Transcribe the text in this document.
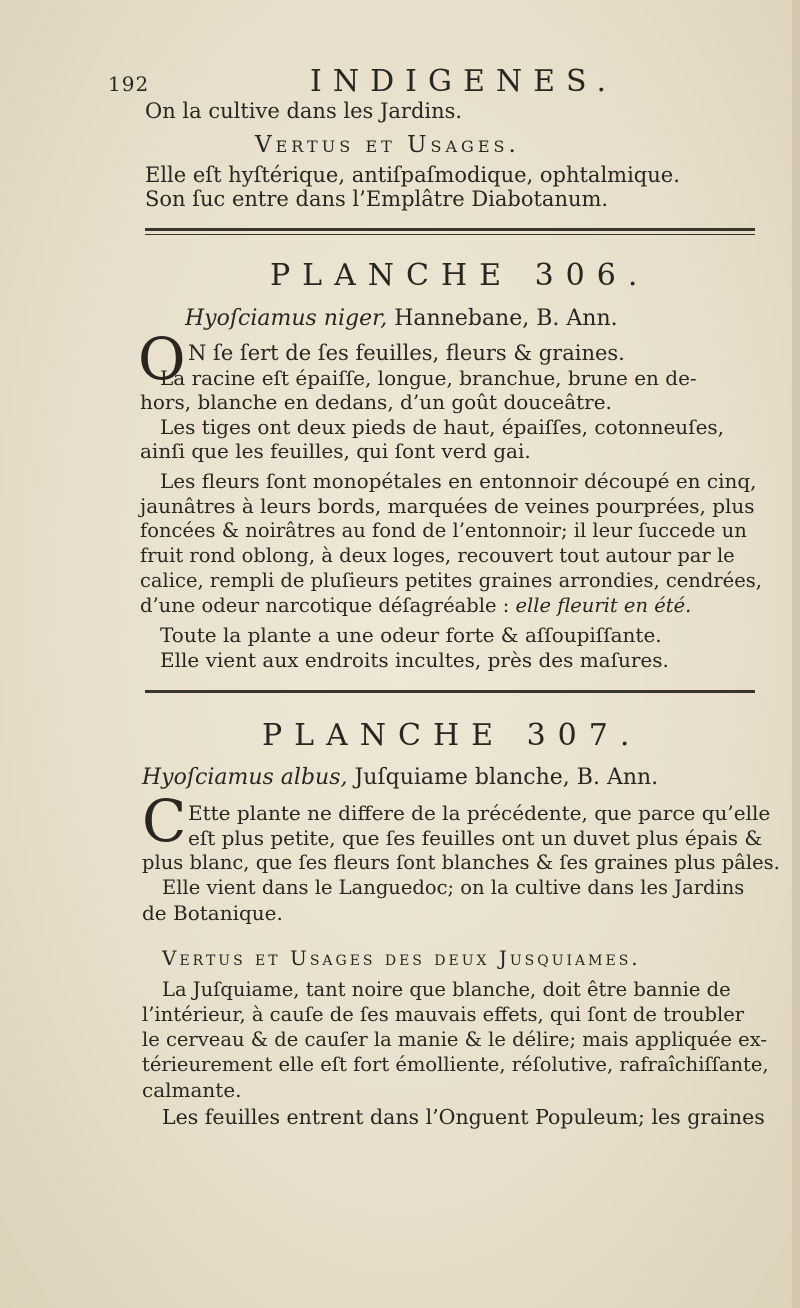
192	INDIGENES.
On la cultive dans les Jardins.
Vertus et Usages.
Elle eſt hyſtérique, antiſpaſmodique, ophtalmique.
Son ſuc entre dans l’Emplâtre Diabotanum.
PLANCHE 306.
Hyoſciamus niger, Hannebane, B. Ann.
O N ſe ſert de ſes feuilles, fleurs & graines.
La racine eſt épaiſſe, longue, branchue, brune en de-
hors, blanche en dedans, d’un goût douceâtre.
Les tiges ont deux pieds de haut, épaiſſes, cotonneuſes,
ainſi que les feuilles, qui ſont verd gai.
Les fleurs ſont monopétales en entonnoir découpé en cinq,
jaunâtres à leurs bords, marquées de veines pourprées, plus
foncées & noirâtres au fond de l’entonnoir; il leur ſuccede un
fruit rond oblong, à deux loges, recouvert tout autour par le
calice, rempli de pluſieurs petites graines arrondies, cendrées,
d’une odeur narcotique déſagréable : elle fleurit en été.
Toute la plante a une odeur forte & aſſoupiſſante.
Elle vient aux endroits incultes, près des maſures.
PLANCHE 307.
Hyoſciamus albus, Juſquiame blanche, B. Ann.
C Ette plante ne differe de la précédente, que parce qu’elle
eſt plus petite, que ſes feuilles ont un duvet plus épais &
plus blanc, que ſes fleurs ſont blanches & ſes graines plus pâles.
Elle vient dans le Languedoc; on la cultive dans les Jardins
de Botanique.
Vertus et Usages des deux Jusquiames.
La Juſquiame, tant noire que blanche, doit être bannie de
l’intérieur, à cauſe de ſes mauvais effets, qui ſont de troubler
le cerveau & de cauſer la manie & le délire; mais appliquée ex-
térieurement elle eſt fort émolliente, réſolutive, rafraîchiſſante,
calmante.
Les feuilles entrent dans l’Onguent Populeum; les graines
